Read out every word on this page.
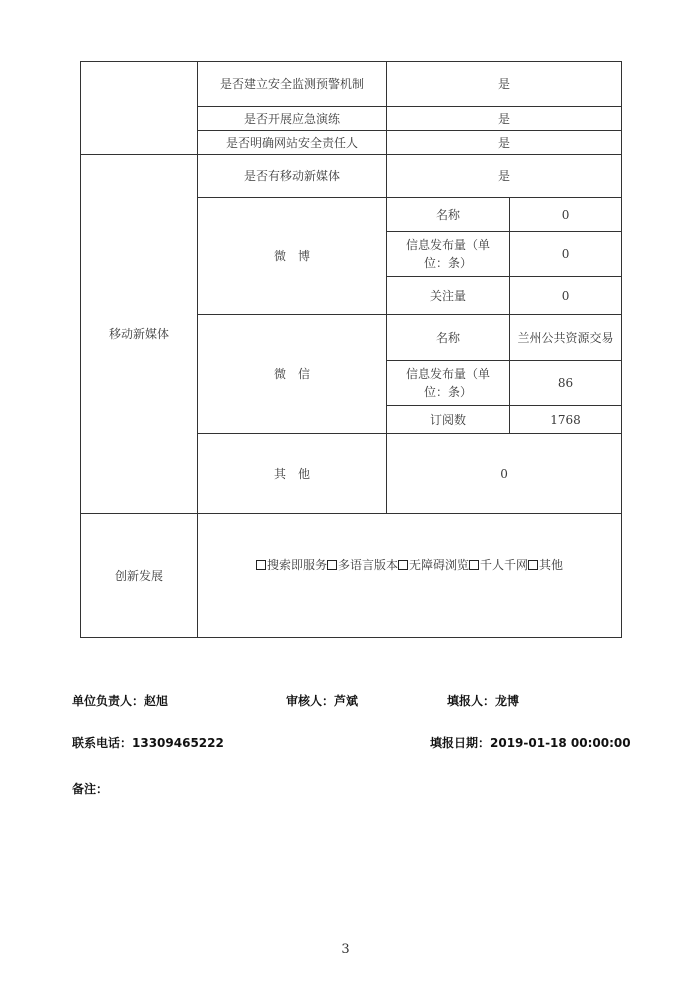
	是否建立安全监测预警机制	是	
	是否开展应急演练	是	
	是否明确网站安全责任人	是	
移动新媒体	是否有移动新媒体	是	
	微　博	名称	0
		信息发布量（单位：条）	0
		关注量	0
	微　信	名称	兰州公共资源交易
		信息发布量（单位：条）	86
		订阅数	1768
	其　他	0	

创新发展	搜索即服务 多语言版本 无障碍浏览 千人千网 其他		
单位负责人：赵旭	审核人：芦斌	填报人：龙博
联系电话：13309465222	填报日期：2019-01-18 00:00:00
备注：
3
